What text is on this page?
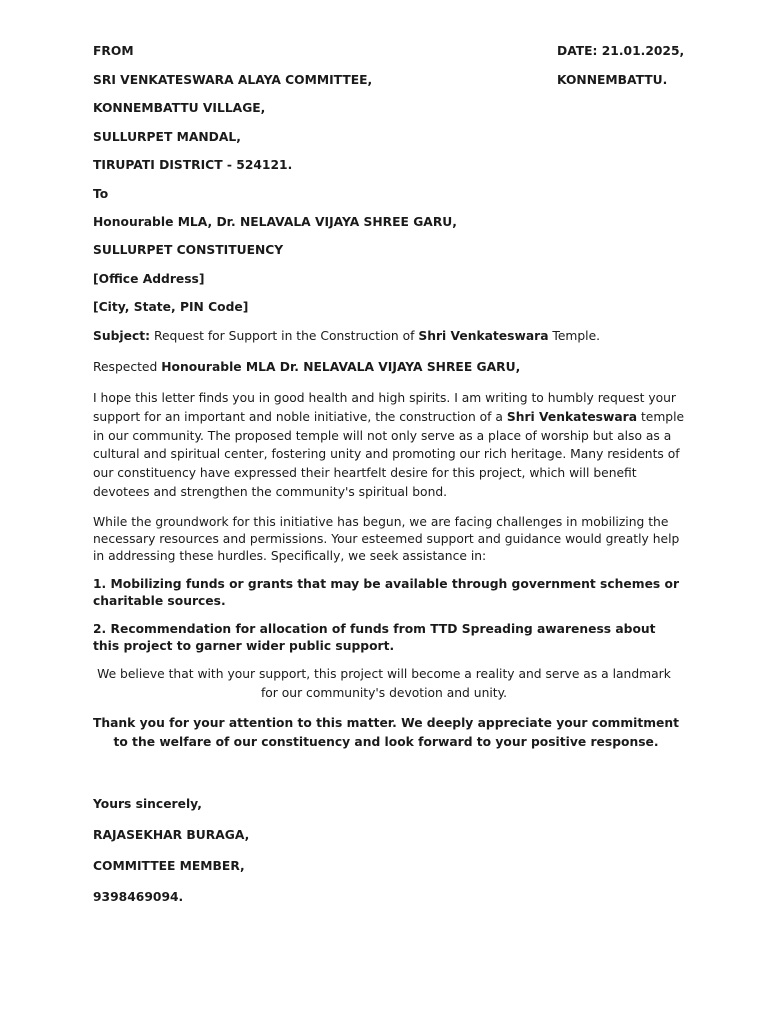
FROM	DATE: 21.01.2025,
SRI VENKATESWARA ALAYA COMMITTEE,	KONNEMBATTU.
KONNEMBATTU VILLAGE,
SULLURPET MANDAL,
TIRUPATI DISTRICT - 524121.
To
Honourable MLA, Dr. NELAVALA VIJAYA SHREE GARU,
SULLURPET CONSTITUENCY
[Office Address]
[City, State, PIN Code]
Subject: Request for Support in the Construction of Shri Venkateswara Temple.
Respected Honourable MLA Dr. NELAVALA VIJAYA SHREE GARU,
I hope this letter finds you in good health and high spirits. I am writing to humbly request your support for an important and noble initiative, the construction of a Shri Venkateswara temple in our community. The proposed temple will not only serve as a place of worship but also as a cultural and spiritual center, fostering unity and promoting our rich heritage. Many residents of our constituency have expressed their heartfelt desire for this project, which will benefit devotees and strengthen the community's spiritual bond.
While the groundwork for this initiative has begun, we are facing challenges in mobilizing the necessary resources and permissions. Your esteemed support and guidance would greatly help in addressing these hurdles. Specifically, we seek assistance in:
1. Mobilizing funds or grants that may be available through government schemes or charitable sources.
2. Recommendation for allocation of funds from TTD Spreading awareness about this project to garner wider public support.
We believe that with your support, this project will become a reality and serve as a landmark for our community's devotion and unity.
Thank you for your attention to this matter. We deeply appreciate your commitment to the welfare of our constituency and look forward to your positive response.
Yours sincerely,
RAJASEKHAR BURAGA,
COMMITTEE MEMBER,
9398469094.
